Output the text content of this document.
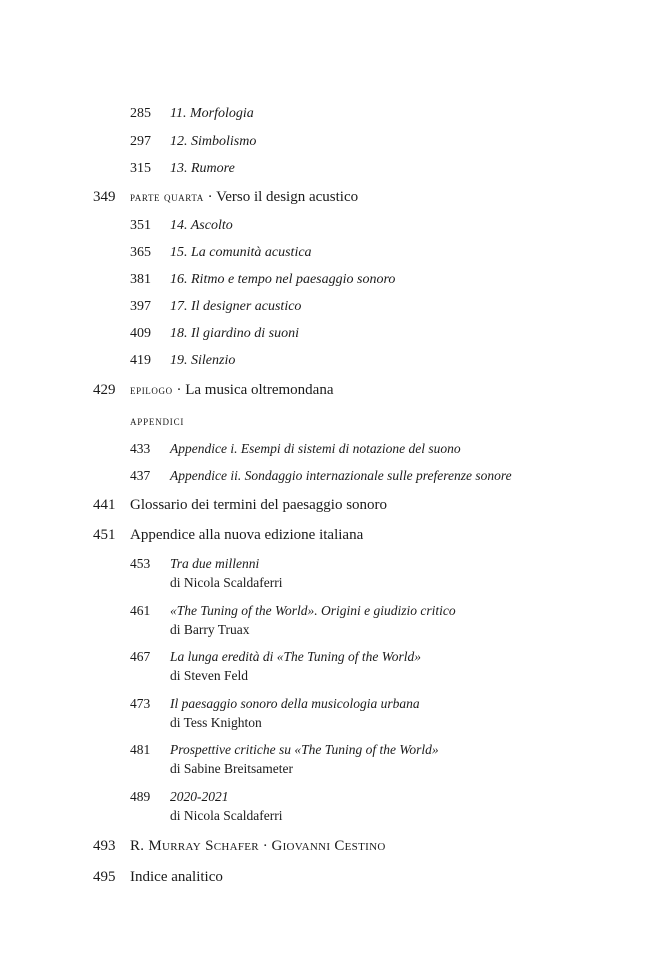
285 11. Morfologia
297 12. Simbolismo
315 13. Rumore
349 parte quarta · Verso il design acustico
351 14. Ascolto
365 15. La comunità acustica
381 16. Ritmo e tempo nel paesaggio sonoro
397 17. Il designer acustico
409 18. Il giardino di suoni
419 19. Silenzio
429 epilogo · La musica oltremondana
appendici
433 Appendice i. Esempi di sistemi di notazione del suono
437 Appendice ii. Sondaggio internazionale sulle preferenze sonore
441 Glossario dei termini del paesaggio sonoro
451 Appendice alla nuova edizione italiana
453 Tra due millenni
di Nicola Scaldaferri
461 «The Tuning of the World». Origini e giudizio critico
di Barry Truax
467 La lunga eredità di «The Tuning of the World»
di Steven Feld
473 Il paesaggio sonoro della musicologia urbana
di Tess Knighton
481 Prospettive critiche su «The Tuning of the World»
di Sabine Breitsameter
489 2020-2021
di Nicola Scaldaferri
493 R. Murray Schafer · Giovanni Cestino
495 Indice analitico
